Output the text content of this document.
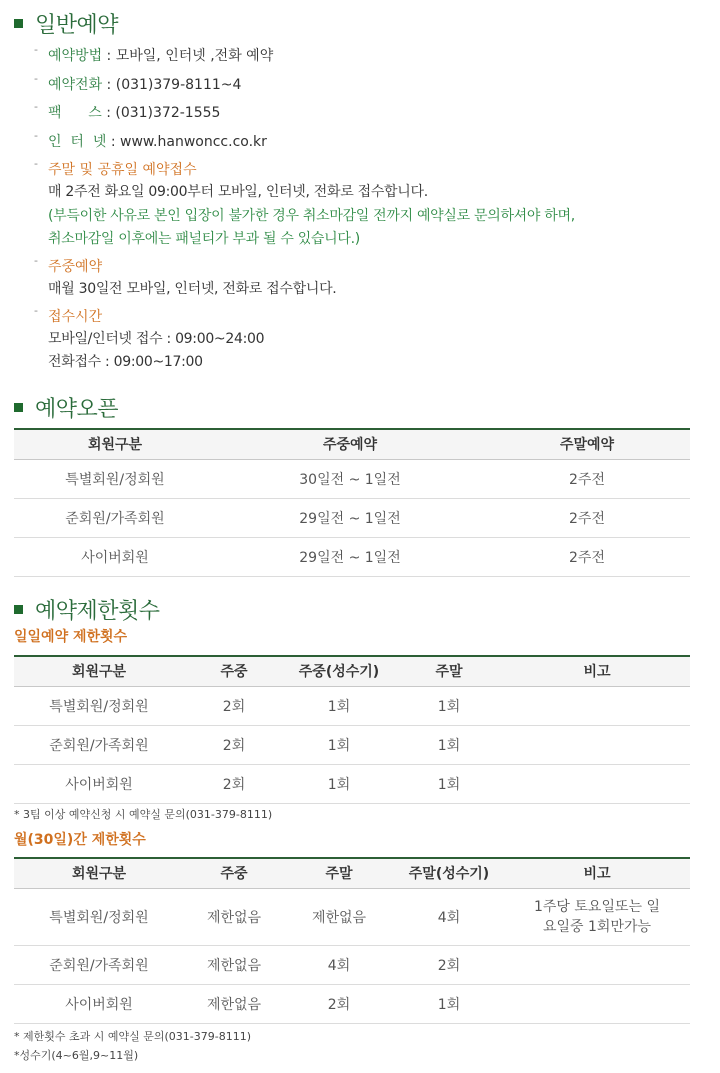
일반예약
- 예약방법 : 모바일, 인터넷 ,전화 예약
- 예약전화 : (031)379-8111~4
- 팩      스 : (031)372-1555
- 인  터  넷 : www.hanwoncc.co.kr
- 주말 및 공휴일 예약접수
매 2주전 화요일 09:00부터 모바일, 인터넷, 전화로 접수합니다.
(부득이한 사유로 본인 입장이 불가한 경우 취소마감일 전까지 예약실로 문의하셔야 하며,
취소마감일 이후에는 패널티가 부과 될 수 있습니다.)
- 주중예약
매월 30일전 모바일, 인터넷, 전화로 접수합니다.
- 접수시간
모바일/인터넷 접수 : 09:00~24:00
전화접수 : 09:00~17:00
예약오픈
회원구분	주중예약	주말예약
특별회원/정회원	30일전 ~ 1일전	2주전
준회원/가족회원	29일전 ~ 1일전	2주전
사이버회원	29일전 ~ 1일전	2주전
예약제한횟수
일일예약 제한횟수
회원구분	주중	주중(성수기)	주말	비고
특별회원/정회원	2회	1회	1회	
준회원/가족회원	2회	1회	1회	
사이버회원	2회	1회	1회	
* 3팀 이상 예약신청 시 예약실 문의(031-379-8111)
월(30일)간 제한횟수
회원구분	주중	주말	주말(성수기)	비고
특별회원/정회원	제한없음	제한없음	4회	1주당 토요일또는 일요일중 1회만가능
준회원/가족회원	제한없음	4회	2회	
사이버회원	제한없음	2회	1회	
* 제한횟수 초과 시 예약실 문의(031-379-8111)
*성수기(4~6월,9~11월)
